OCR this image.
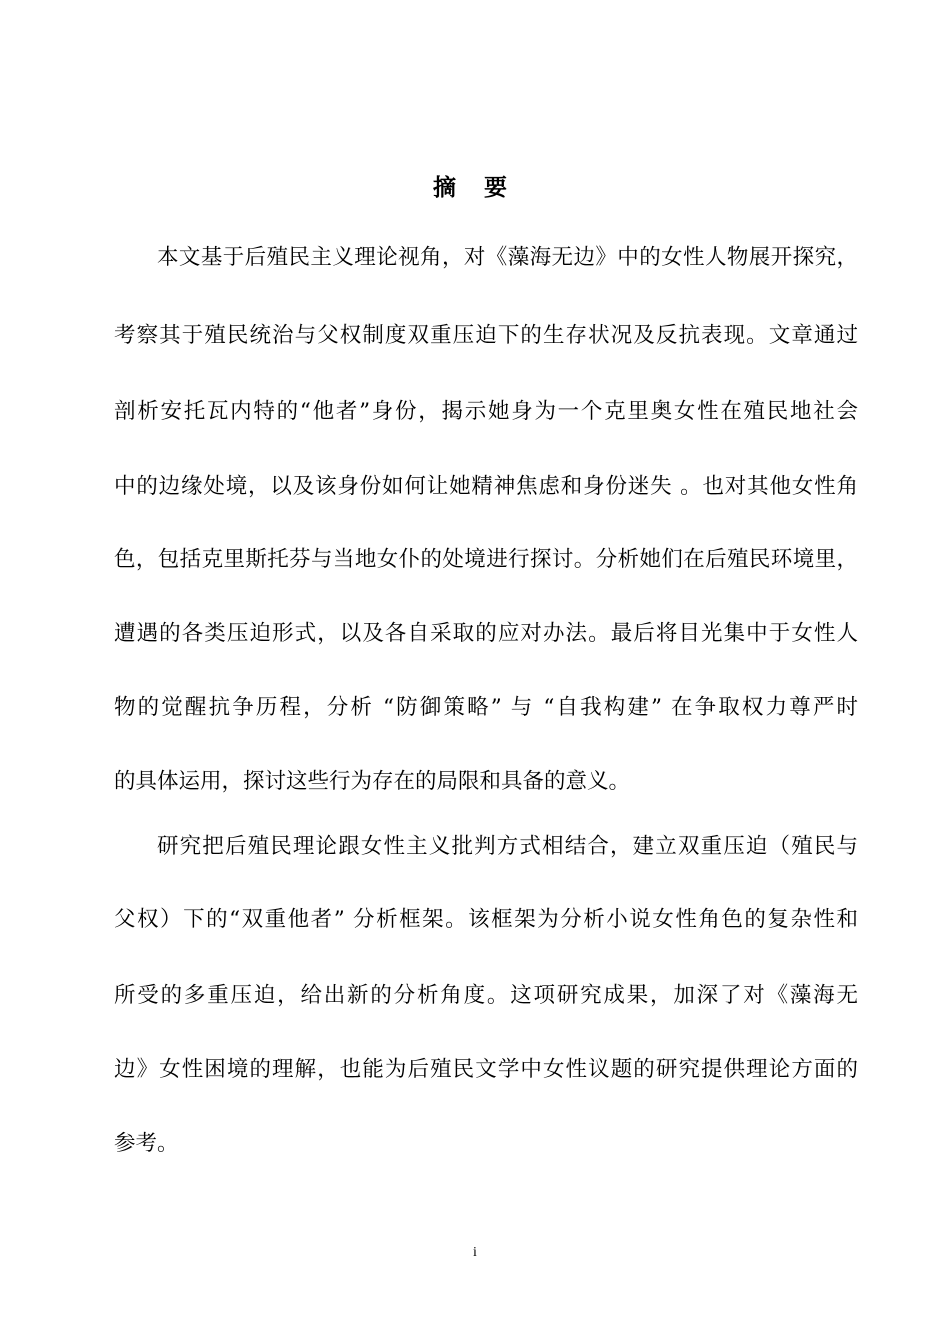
摘 要
本文基于后殖民主义理论视角，对《藻海无边》中的女性人物展开探究，
考察其于殖民统治与父权制度双重压迫下的生存状况及反抗表现。文章通过
剖析安托瓦内特的“他者”身份，揭示她身为一个克里奥女性在殖民地社会
中的边缘处境，以及该身份如何让她精神焦虑和身份迷失 。也对其他女性角
色，包括克里斯托芬与当地女仆的处境进行探讨。分析她们在后殖民环境里，
遭遇的各类压迫形式，以及各自采取的应对办法。最后将目光集中于女性人
物的觉醒抗争历程，分析 “防御策略” 与 “自我构建” 在争取权力尊严时
的具体运用，探讨这些行为存在的局限和具备的意义。
研究把后殖民理论跟女性主义批判方式相结合，建立双重压迫（殖民与
父权）下的“双重他者” 分析框架。该框架为分析小说女性角色的复杂性和
所受的多重压迫，给出新的分析角度。这项研究成果，加深了对《藻海无
边》女性困境的理解，也能为后殖民文学中女性议题的研究提供理论方面的
参考。
i
